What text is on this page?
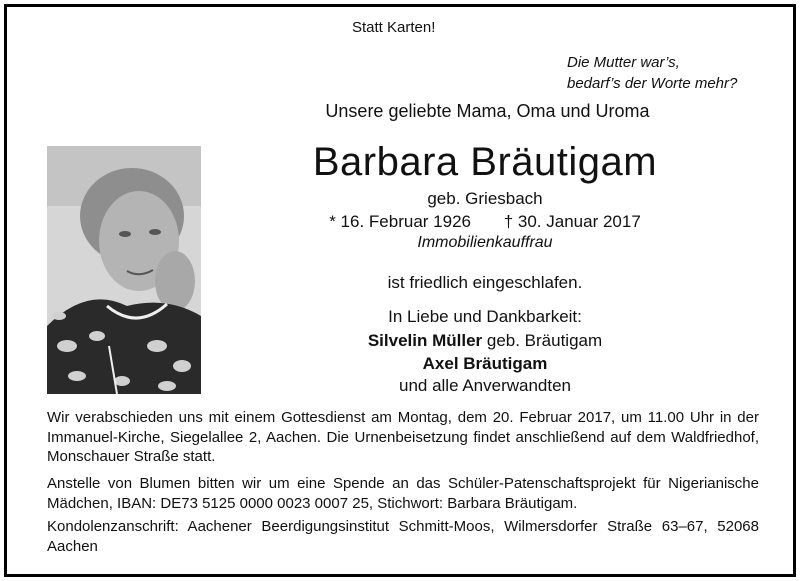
Statt Karten!
Die Mutter war’s,
bedarf’s der Worte mehr?
Unsere geliebte Mama, Oma und Uroma
Barbara Bräutigam
geb. Griesbach
* 16. Februar 1926 † 30. Januar 2017
Immobilienkauffrau
ist friedlich eingeschlafen.
In Liebe und Dankbarkeit:
Silvelin Müller geb. Bräutigam
Axel Bräutigam
und alle Anverwandten
Wir verabschieden uns mit einem Gottesdienst am Montag, dem 20. Februar 2017, um 11.00 Uhr in der Immanuel-Kirche, Siegelallee 2, Aachen. Die Urnenbeisetzung findet anschließend auf dem Waldfriedhof, Monschauer Straße statt.
Anstelle von Blumen bitten wir um eine Spende an das Schüler-Patenschaftsprojekt für Nigerianische Mädchen, IBAN: DE73 5125 0000 0023 0007 25, Stichwort: Barbara Bräutigam.
Kondolenzanschrift: Aachener Beerdigungsinstitut Schmitt-Moos, Wilmersdorfer Straße 63–67, 52068 Aachen
